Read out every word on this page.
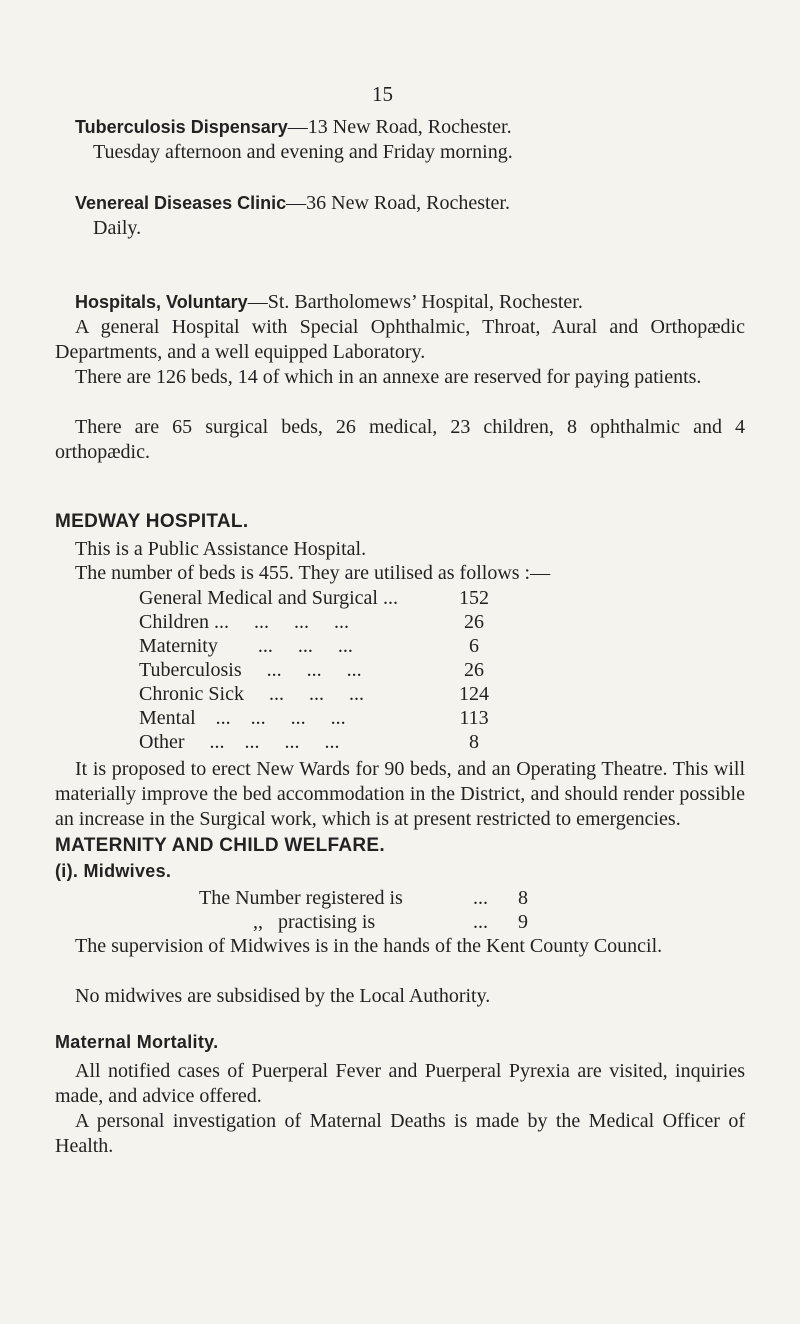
15

Tuberculosis Dispensary—13 New Road, Rochester.
Tuesday afternoon and evening and Friday morning.

Venereal Diseases Clinic—36 New Road, Rochester.
Daily.

Hospitals, Voluntary—St. Bartholomews’ Hospital, Rochester.

A general Hospital with Special Ophthalmic, Throat, Aural and Orthopædic Departments, and a well equipped Laboratory.

There are 126 beds, 14 of which in an annexe are reserved for paying patients.

There are 65 surgical beds, 26 medical, 23 children, 8 ophthalmic and 4 orthopædic.

MEDWAY HOSPITAL.

This is a Public Assistance Hospital.

The number of beds is 455. They are utilised as follows :—

General Medical and Surgical ...	152
Children ...     ...     ...     ...	26
Maternity        ...     ...     ...	6
Tuberculosis     ...     ...     ...	26
Chronic Sick     ...     ...     ...	124
Mental    ...    ...     ...     ...	113
Other     ...    ...     ...     ...	8

It is proposed to erect New Wards for 90 beds, and an Operating Theatre. This will materially improve the bed accommodation in the District, and should render possible an increase in the Surgical work, which is at present restricted to emergencies.

MATERNITY AND CHILD WELFARE.
(i). Midwives.
The Number registered is	...	8
,,   practising is	...	9

The supervision of Midwives is in the hands of the Kent County Council.

No midwives are subsidised by the Local Authority.

Maternal Mortality.

All notified cases of Puerperal Fever and Puerperal Pyrexia are visited, inquiries made, and advice offered.

A personal investigation of Maternal Deaths is made by the Medical Officer of Health.
